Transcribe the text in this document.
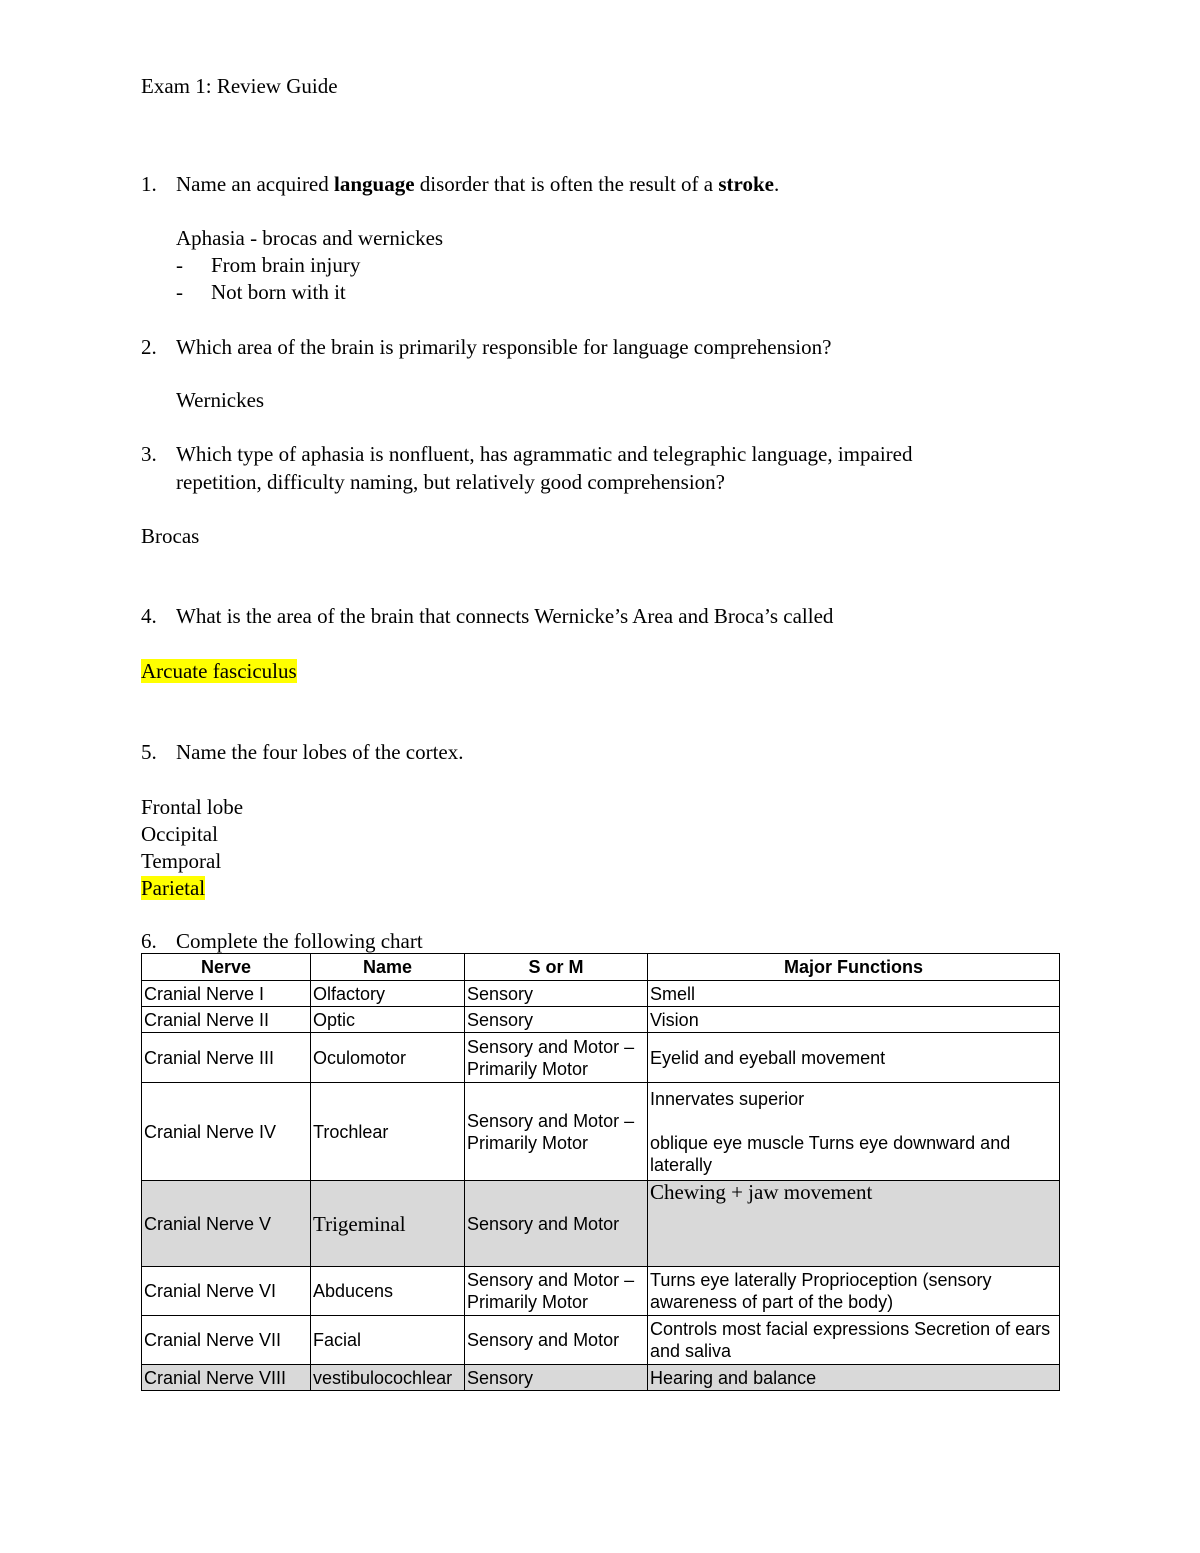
Exam 1: Review Guide
1. Name an acquired language disorder that is often the result of a stroke.
Aphasia - brocas and wernickes
- From brain injury
- Not born with it
2. Which area of the brain is primarily responsible for language comprehension?
Wernickes
3. Which type of aphasia is nonfluent, has agrammatic and telegraphic language, impaired
repetition, difficulty naming, but relatively good comprehension?
Brocas
4. What is the area of the brain that connects Wernicke’s Area and Broca’s called
Arcuate fasciculus
5. Name the four lobes of the cortex.
Frontal lobe
Occipital
Temporal
Parietal
6. Complete the following chart
Nerve	Name	S or M	Major Functions
Cranial Nerve I	Olfactory	Sensory	Smell
Cranial Nerve II	Optic	Sensory	Vision
Cranial Nerve III	Oculomotor	Sensory and Motor – Primarily Motor	Eyelid and eyeball movement
Cranial Nerve IV	Trochlear	Sensory and Motor – Primarily Motor	Innervates superior
oblique eye muscle Turns eye downward and laterally
Cranial Nerve V	Trigeminal	Sensory and Motor	Chewing + jaw movement
Cranial Nerve VI	Abducens	Sensory and Motor – Primarily Motor	Turns eye laterally Proprioception (sensory awareness of part of the body)
Cranial Nerve VII	Facial	Sensory and Motor	Controls most facial expressions Secretion of ears and saliva
Cranial Nerve VIII	vestibulocochlear	Sensory	Hearing and balance
